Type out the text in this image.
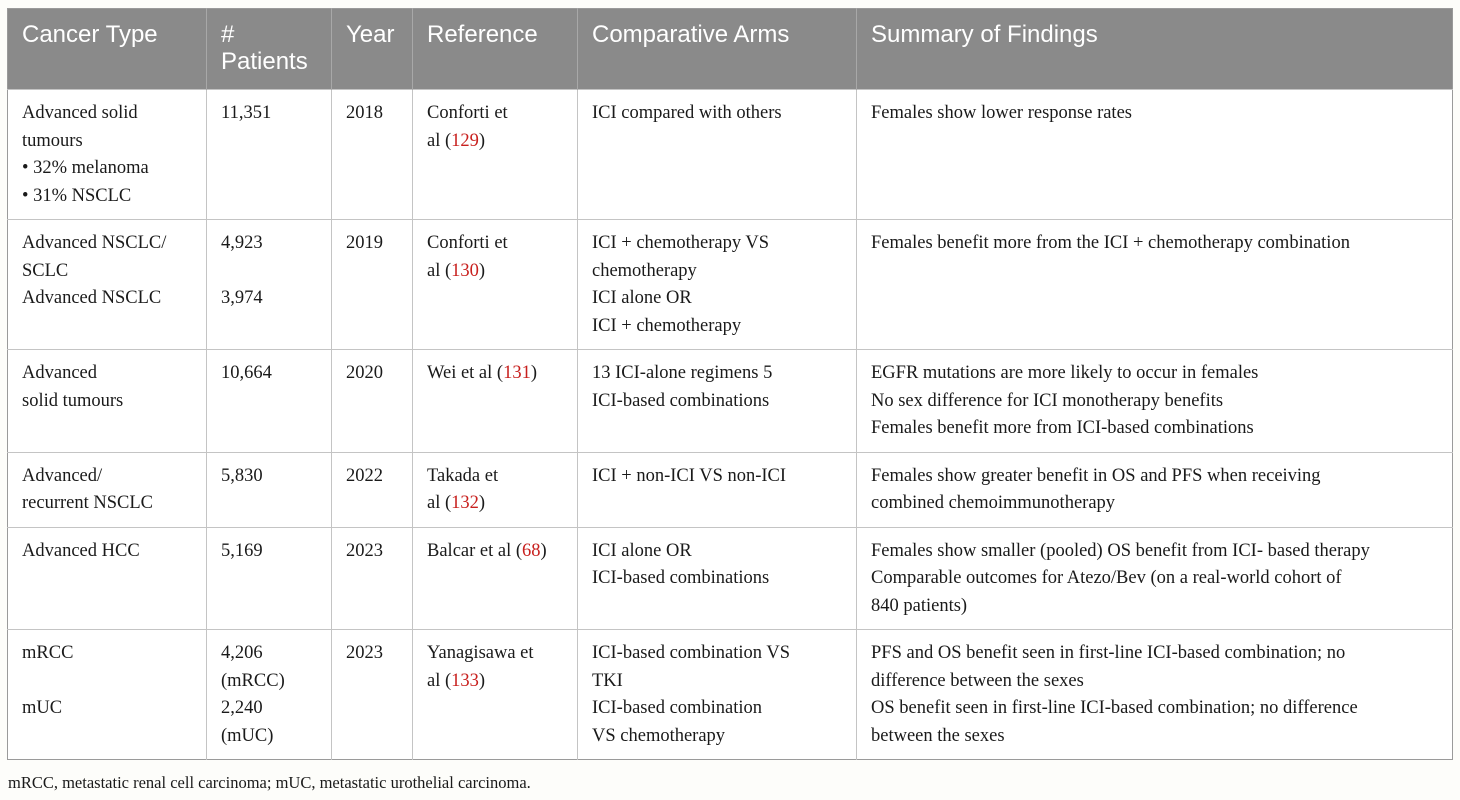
Cancer Type	#
Patients	Year	Reference	Comparative Arms	Summary of Findings

Advanced solid
tumours
• 32% melanoma
• 31% NSCLC	11,351	2018	Conforti et
al (129)	ICI compared with others	Females show lower response rates

Advanced NSCLC/
SCLC
Advanced NSCLC	4,923
3,974	2019	Conforti et
al (130)	ICI + chemotherapy VS
chemotherapy
ICI alone OR
ICI + chemotherapy	Females benefit more from the ICI + chemotherapy combination

Advanced
solid tumours	10,664	2020	Wei et al (131)	13 ICI-alone regimens 5
ICI-based combinations	EGFR mutations are more likely to occur in females
No sex difference for ICI monotherapy benefits
Females benefit more from ICI-based combinations

Advanced/
recurrent NSCLC	5,830	2022	Takada et
al (132)	ICI + non-ICI VS non-ICI	Females show greater benefit in OS and PFS when receiving
combined chemoimmunotherapy

Advanced HCC	5,169	2023	Balcar et al (68)	ICI alone OR
ICI-based combinations	Females show smaller (pooled) OS benefit from ICI- based therapy
Comparable outcomes for Atezo/Bev (on a real-world cohort of
840 patients)

mRCC
mUC	4,206
(mRCC)
2,240
(mUC)	2023	Yanagisawa et
al (133)	ICI-based combination VS
TKI
ICI-based combination
VS chemotherapy	PFS and OS benefit seen in first-line ICI-based combination; no
difference between the sexes
OS benefit seen in first-line ICI-based combination; no difference
between the sexes
mRCC, metastatic renal cell carcinoma; mUC, metastatic urothelial carcinoma.
